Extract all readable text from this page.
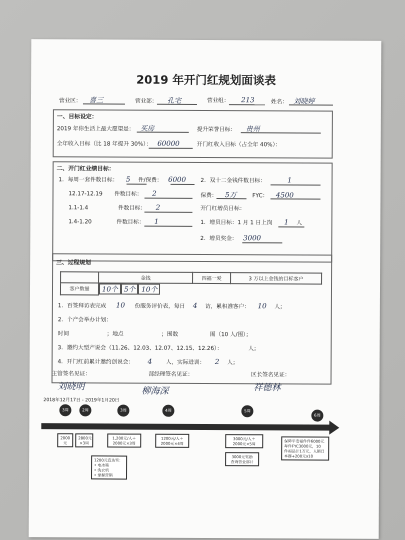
2019 年开门红规划面谈表
营业区： 喜三	营业部： 孔宅	营业组： 213	姓名： 刘晓婷
一、目标设定：
2019 年你生活上最大愿望是： 买房	提升荣誉目标： 贵州
全年收入目标（比 18 年提升 30%）： 60000	开门红收入目标（占全年 40%）：
二、开门红业绩目标：
1．每周一套件数目标： 5 件/保费： 6000
12.17-12.19 件数目标： 2
1.1-1.4	件数目标： 2
1.4-1.20	件数目标： 1
2．双十二金钱件数目标：	1
保费： 5万	FYC： 4500
开门红增员目标：
1．增员目标：1 月 1 日上岗 1 人
2．增员奖金： 3000
三、过程规划
	金钱	四福一爱	3 万以上金钱的目标客户
客户数量	10个 5个 10个
1．百签拜访表完成 10 份服务评价表，每日 4 访，累积准客户： 10 人；
2．个产会举办计划：
时间	；地点	；围数	围（10 人/围）；
3．邀约大型产说会（11.26、12.03、12.07、12.15、12.26）：	人；
4．开门红前累计邀约创说会： 4 人，实际进训： 2 人；
主管签名见证：	部经理签名见证：	区长签名见证：
刘晓明	柳海深	祥德林
2018年12月17日 - 2019年1月20日
3周	2周	3周	4周	5周
6周
2000元
2800元
×3周
1,200元/人＋
2000元×3周
1200元/人＋
2000元×4周
3000元/人＋
2000元×5周
1200元直达奖：
• 电冰箱
• 洗衣机
• 掌握营销
3000元奖励
查询营业部计
保障平安福件件6000元
每件FYC3000元，10
件福品计1万元，人额目
本器+200元x10
